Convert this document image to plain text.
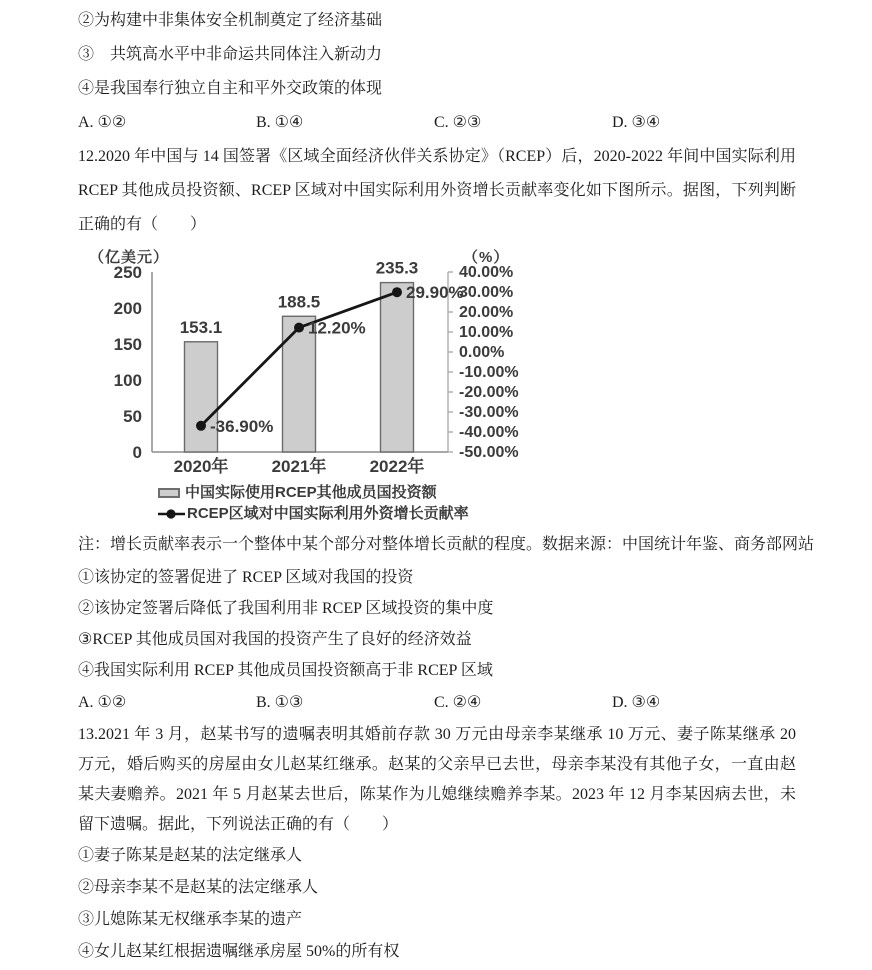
②为构建中非集体安全机制奠定了经济基础
③　共筑高水平中非命运共同体注入新动力
④是我国奉行独立自主和平外交政策的体现
A. ①②	B. ①④	C. ②③	D. ③④
12.2020 年中国与 14 国签署《区域全面经济伙伴关系协定》（RCEP）后，2020-2022 年间中国实际利用 RCEP 其他成员投资额、RCEP 区域对中国实际利用外资增长贡献率变化如下图所示。据图，下列判断正确的有（　　）
0
50
100
150
200
250	40.00%
30.00%
20.00%
10.00%
0.00%
-10.00%
-20.00%
-30.00%
-40.00%
-50.00%
153.1
188.5
235.3
2020年	2021年	2022年
-36.90%
12.20%
29.90%
（亿美元）	（%）
中国实际使用RCEP其他成员国投资额
RCEP区域对中国实际利用外资增长贡献率
注：增长贡献率表示一个整体中某个部分对整体增长贡献的程度。数据来源：中国统计年鉴、商务部网站
①该协定的签署促进了 RCEP 区域对我国的投资
②该协定签署后降低了我国利用非 RCEP 区域投资的集中度
③RCEP 其他成员国对我国的投资产生了良好的经济效益
④我国实际利用 RCEP 其他成员国投资额高于非 RCEP 区域
A. ①②	B. ①③	C. ②④	D. ③④
13.2021 年 3 月，赵某书写的遗嘱表明其婚前存款 30 万元由母亲李某继承 10 万元、妻子陈某继承 20 万元，婚后购买的房屋由女儿赵某红继承。赵某的父亲早已去世，母亲李某没有其他子女，一直由赵某夫妻赡养。2021 年 5 月赵某去世后，陈某作为儿媳继续赡养李某。2023 年 12 月李某因病去世，未留下遗嘱。据此，下列说法正确的有（　　）
①妻子陈某是赵某的法定继承人
②母亲李某不是赵某的法定继承人
③儿媳陈某无权继承李某的遗产
④女儿赵某红根据遗嘱继承房屋 50%的所有权
